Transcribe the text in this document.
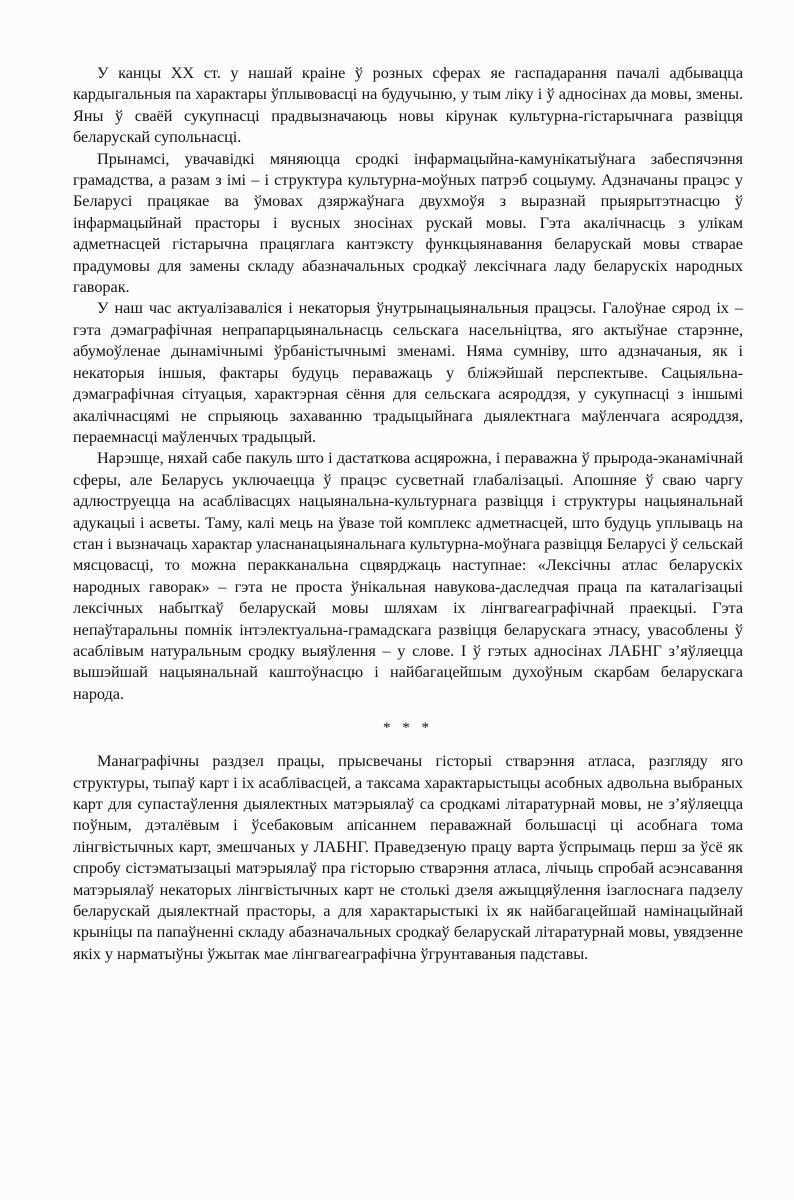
У канцы XX ст. у нашай краіне ў розных сферах яе гаспадарання пачалі адбывацца кардыгальныя па характары ўплывовасці на будучыню, у тым ліку і ў адносінах да мовы, змены. Яны ў сваёй сукупнасці прадвызначаюць новы кірунак культурна-гістарычнага развіцця беларускай супольнасці.

Прынамсі, увачавідкі мяняюцца сродкі інфармацыйна-камунікатыўнага забеспячэння грамадства, а разам з імі – і структура культурна-моўных патрэб соцыуму. Адзначаны працэс у Беларусі працякае ва ўмовах дзяржаўнага двухмоўя з выразнай прыярытэтнасцю ў інфармацыйнай прасторы і вусных зносінах рускай мовы. Гэта акалічнасць з улікам адметнасцей гістарычна працяглага кантэксту функцыянавання беларускай мовы стварае прадумовы для замены складу абазначальных сродкаў лексічнага ладу беларускіх народных гаворак.

У наш час актуалізаваліся і некаторыя ўнутрынацыянальныя працэсы. Галоўнае сярод іх – гэта дэмаграфічная непрапарцыянальнасць сельскага насельніцтва, яго актыўнае старэнне, абумоўленае дынамічнымі ўрбаністычнымі зменамі. Няма сумніву, што адзначаныя, як і некаторыя іншыя, фактары будуць пераважаць у бліжэйшай перспектыве. Сацыяльна-дэмаграфічная сітуацыя, характэрная сёння для сельскага асяроддзя, у сукупнасці з іншымі акалічнасцямі не спрыяюць захаванню традыцыйнага дыялектнага маўленчага асяроддзя, пераемнасці маўленчых традыцый.

Нарэшце, няхай сабе пакуль што і дастаткова асцярожна, і пераважна ў прырода-эканамічнай сферы, але Беларусь уключаецца ў працэс сусветнай глабалізацыі. Апошняе ў сваю чаргу адлюструецца на асаблівасцях нацыянальна-культурнага развіцця і структуры нацыянальнай адукацыі і асветы. Таму, калі мець на ўвазе той комплекс адметнасцей, што будуць уплываць на стан і вызначаць характар уласнанацыянальнага культурна-моўнага развіцця Беларусі ў сельскай мясцовасці, то можна перакканальна сцвярджаць наступнае: «Лексічны атлас беларускіх народных гаворак» – гэта не проста ўнікальная навукова-даследчая праца па каталагізацыі лексічных набыткаў беларускай мовы шляхам іх лінгвагеаграфічнай праекцыі. Гэта непаўтаральны помнік інтэлектуальна-грамадскага развіцця беларускага этнасу, увасоблены ў асаблівым натуральным сродку выяўлення – у слове. І ў гэтых адносінах ЛАБНГ з’яўляецца вышэйшай нацыянальнай каштоўнасцю і найбагацейшым духоўным скарбам беларускага народа.

* * *

Манаграфічны раздзел працы, прысвечаны гісторыі стварэння атласа, разгляду яго структуры, тыпаў карт і іх асаблівасцей, а таксама характарыстыцы асобных адвольна выбраных карт для супастаўлення дыялектных матэрыялаў са сродкамі літаратурнай мовы, не з’яўляецца поўным, дэталёвым і ўсебаковым апісаннем пераважнай большасці ці асобнага тома лінгвістычных карт, змешчаных у ЛАБНГ. Праведзеную працу варта ўспрымаць перш за ўсё як спробу сістэматызацыі матэрыялаў пра гісторыю стварэння атласа, лічыць спробай асэнсавання матэрыялаў некаторых лінгвістычных карт не столькі дзеля ажыццяўлення ізаглоснага падзелу беларускай дыялектнай прасторы, а для характарыстыкі іх як найбагацейшай намінацыйнай крыніцы па папаўненні складу абазначальных сродкаў беларускай літаратурнай мовы, увядзенне якіх у нарматыўны ўжытак мае лінгвагеаграфічна ўгрунтаваныя падставы.
